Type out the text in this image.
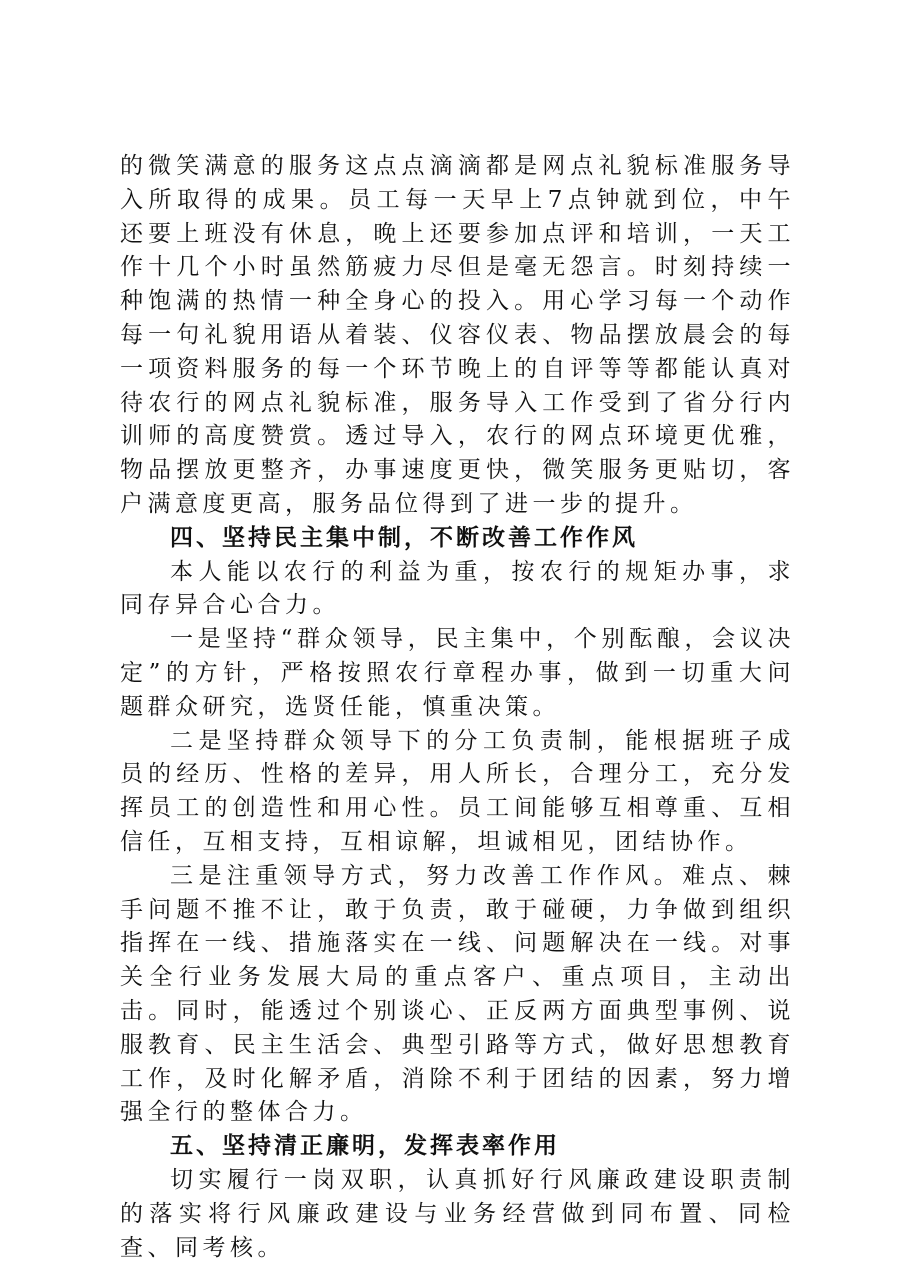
的微笑满意的服务这点点滴滴都是网点礼貌标准服务导入所取得的成果。员工每一天早上7点钟就到位，中午还要上班没有休息，晚上还要参加点评和培训，一天工作十几个小时虽然筋疲力尽但是毫无怨言。时刻持续一种饱满的热情一种全身心的投入。用心学习每一个动作每一句礼貌用语从着装、仪容仪表、物品摆放晨会的每一项资料服务的每一个环节晚上的自评等等都能认真对待农行的网点礼貌标准，服务导入工作受到了省分行内训师的高度赞赏。透过导入，农行的网点环境更优雅，物品摆放更整齐，办事速度更快，微笑服务更贴切，客户满意度更高，服务品位得到了进一步的提升。

四、坚持民主集中制，不断改善工作作风

本人能以农行的利益为重，按农行的规矩办事，求同存异合心合力。

一是坚持“群众领导，民主集中，个别酝酿，会议决定”的方针，严格按照农行章程办事，做到一切重大问题群众研究，选贤任能，慎重决策。

二是坚持群众领导下的分工负责制，能根据班子成员的经历、性格的差异，用人所长，合理分工，充分发挥员工的创造性和用心性。员工间能够互相尊重、互相信任，互相支持，互相谅解，坦诚相见，团结协作。

三是注重领导方式，努力改善工作作风。难点、棘手问题不推不让，敢于负责，敢于碰硬，力争做到组织指挥在一线、措施落实在一线、问题解决在一线。对事关全行业务发展大局的重点客户、重点项目，主动出击。同时，能透过个别谈心、正反两方面典型事例、说服教育、民主生活会、典型引路等方式，做好思想教育工作，及时化解矛盾，消除不利于团结的因素，努力增强全行的整体合力。

五、坚持清正廉明，发挥表率作用

切实履行一岗双职，认真抓好行风廉政建设职责制的落实将行风廉政建设与业务经营做到同布置、同检查、同考核。
